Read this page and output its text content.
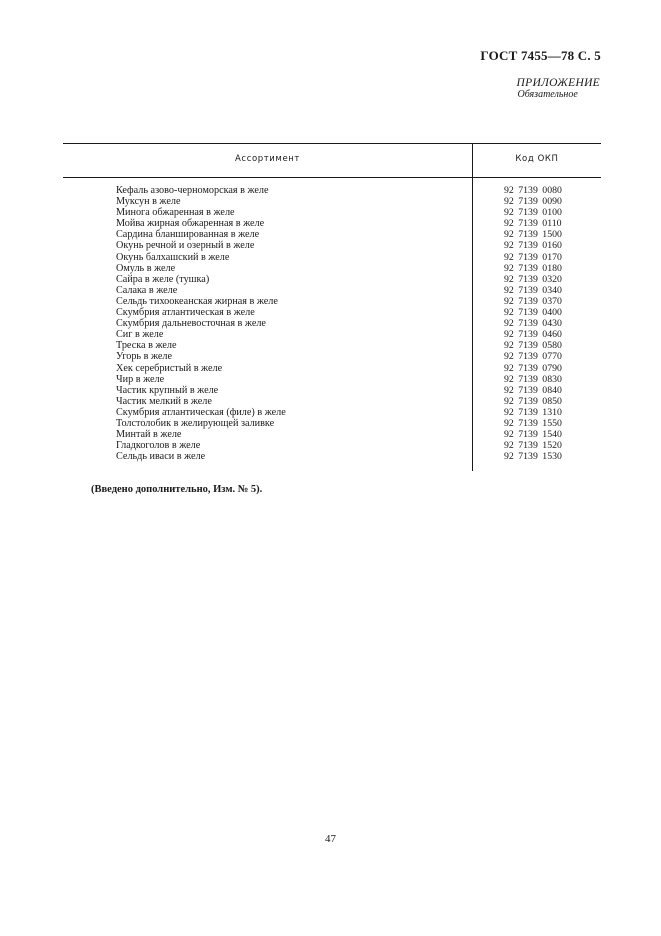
ГОСТ 7455—78 С. 5
ПРИЛОЖЕНИЕ
Обязательное
Ассортимент	Код ОКП
Кефаль азово-черноморская в желе	92 7139 0080
Муксун в желе	92 7139 0090
Минога обжаренная в желе	92 7139 0100
Мойва жирная обжаренная в желе	92 7139 0110
Сардина бланшированная в желе	92 7139 1500
Окунь речной и озерный в желе	92 7139 0160
Окунь балхашский в желе	92 7139 0170
Омуль в желе	92 7139 0180
Сайра в желе (тушка)	92 7139 0320
Салака в желе	92 7139 0340
Сельдь тихоокеанская жирная в желе	92 7139 0370
Скумбрия атлантическая в желе	92 7139 0400
Скумбрия дальневосточная в желе	92 7139 0430
Сиг в желе	92 7139 0460
Треска в желе	92 7139 0580
Угорь в желе	92 7139 0770
Хек серебристый в желе	92 7139 0790
Чир в желе	92 7139 0830
Частик крупный в желе	92 7139 0840
Частик мелкий в желе	92 7139 0850
Скумбрия атлантическая (филе) в желе	92 7139 1310
Толстолобик в желирующей заливке	92 7139 1550
Минтай в желе	92 7139 1540
Гладкоголов в желе	92 7139 1520
Сельдь иваси в желе	92 7139 1530
(Введено дополнительно, Изм. № 5).
47
